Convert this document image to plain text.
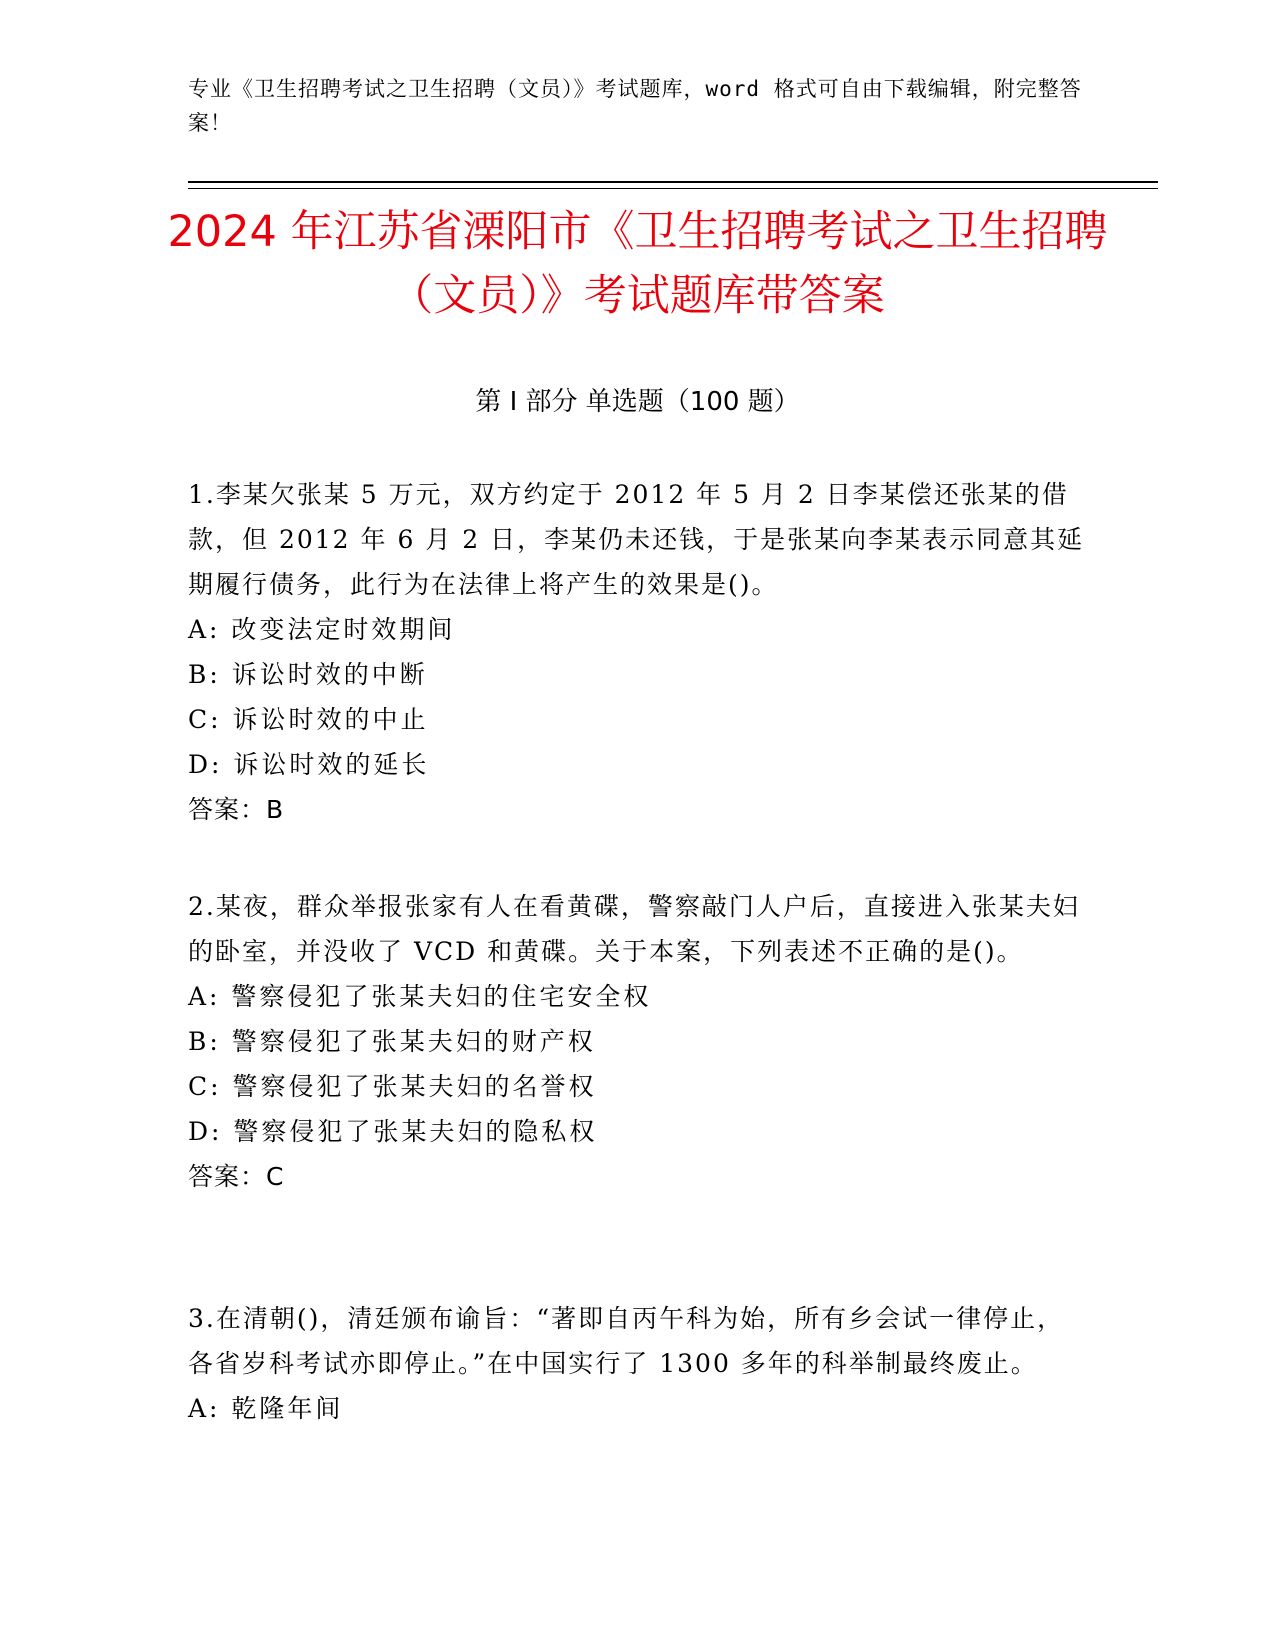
专业《卫生招聘考试之卫生招聘（文员）》考试题库，word 格式可自由下载编辑，附完整答案！
2024 年江苏省溧阳市《卫生招聘考试之卫生招聘（文员）》考试题库带答案
第 I 部分 单选题（100 题）
1.李某欠张某 5 万元，双方约定于 2012 年 5 月 2 日李某偿还张某的借款，但 2012 年 6 月 2 日，李某仍未还钱，于是张某向李某表示同意其延期履行债务，此行为在法律上将产生的效果是()。
A: 改变法定时效期间
B: 诉讼时效的中断
C: 诉讼时效的中止
D: 诉讼时效的延长
答案：B
2.某夜，群众举报张家有人在看黄碟，警察敲门人户后，直接进入张某夫妇的卧室，并没收了 VCD 和黄碟。关于本案，下列表述不正确的是()。
A: 警察侵犯了张某夫妇的住宅安全权
B: 警察侵犯了张某夫妇的财产权
C: 警察侵犯了张某夫妇的名誉权
D: 警察侵犯了张某夫妇的隐私权
答案：C
3.在清朝()，清廷颁布谕旨：“著即自丙午科为始，所有乡会试一律停止，各省岁科考试亦即停止。”在中国实行了 1300 多年的科举制最终废止。
A: 乾隆年间
